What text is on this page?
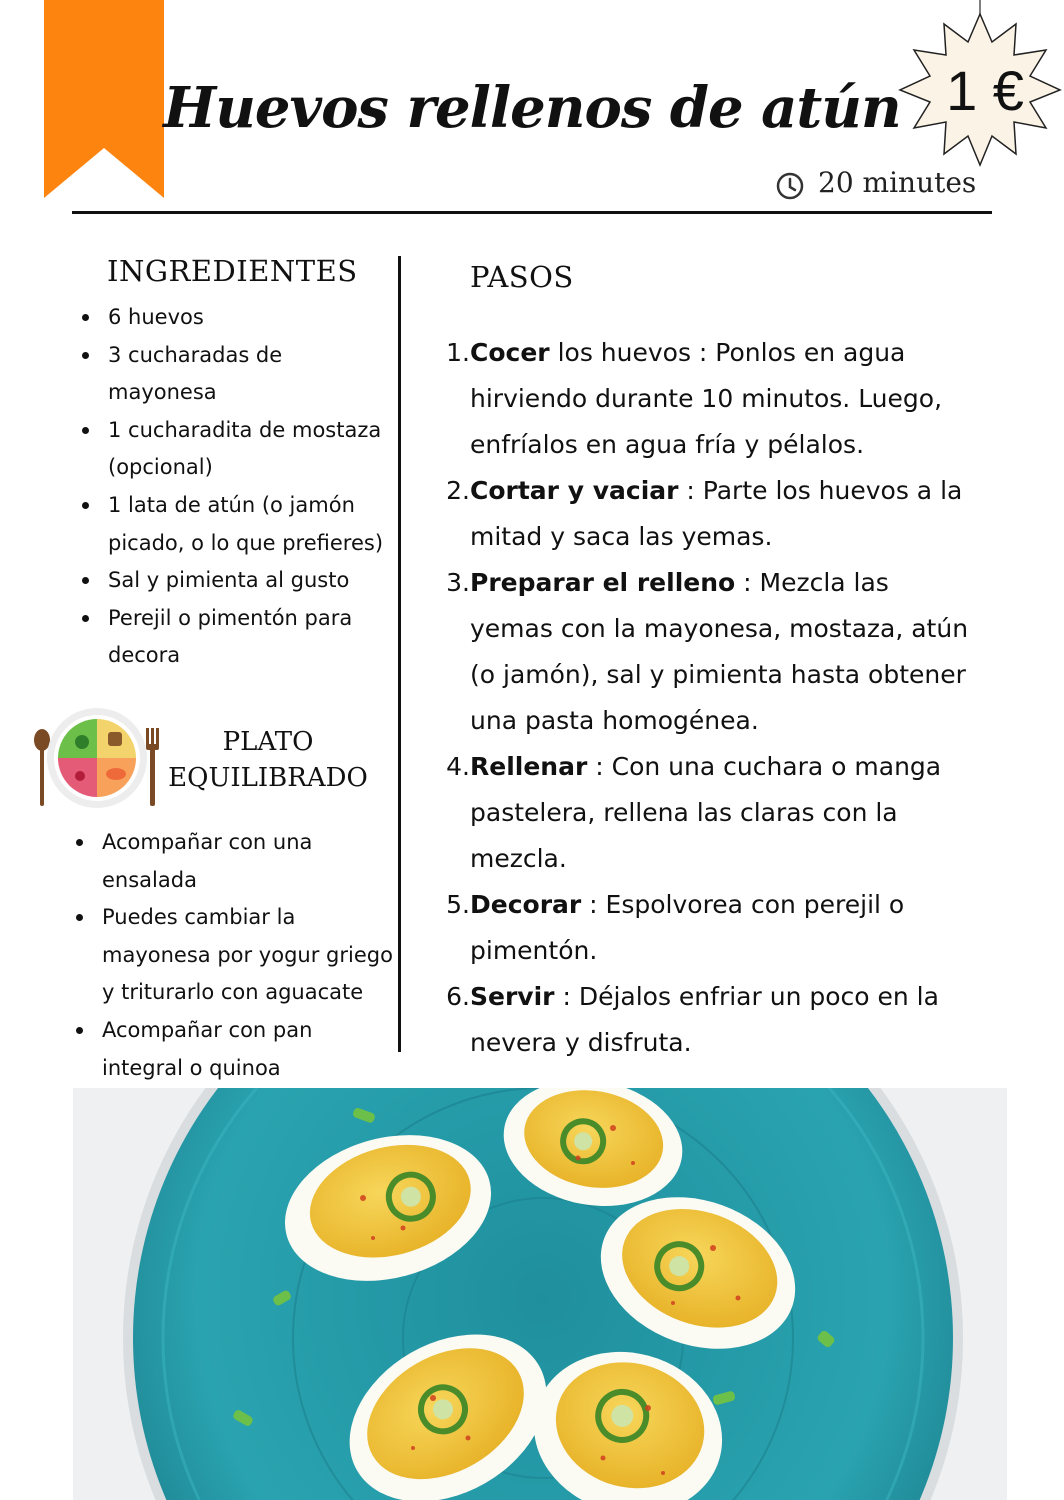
Huevos rellenos de atún 1 €
20 minutes
INGREDIENTES
6 huevos
3 cucharadas de mayonesa
1 cucharadita de mostaza (opcional)
1 lata de atún (o jamón picado, o lo que prefieres)
Sal y pimienta al gusto
Perejil o pimentón para decora
PLATO EQUILIBRADO
Acompañar con una ensalada
Puedes cambiar la mayonesa por yogur griego y triturarlo con aguacate
Acompañar con pan integral o quinoa
PASOS
1. Cocer los huevos : Ponlos en agua hirviendo durante 10 minutos. Luego, enfríalos en agua fría y pélalos.
2. Cortar y vaciar : Parte los huevos a la mitad y saca las yemas.
3. Preparar el relleno : Mezcla las yemas con la mayonesa, mostaza, atún (o jamón), sal y pimienta hasta obtener una pasta homogénea.
4. Rellenar : Con una cuchara o manga pastelera, rellena las claras con la mezcla.
5. Decorar : Espolvorea con perejil o pimentón.
6. Servir : Déjalos enfriar un poco en la nevera y disfruta.
